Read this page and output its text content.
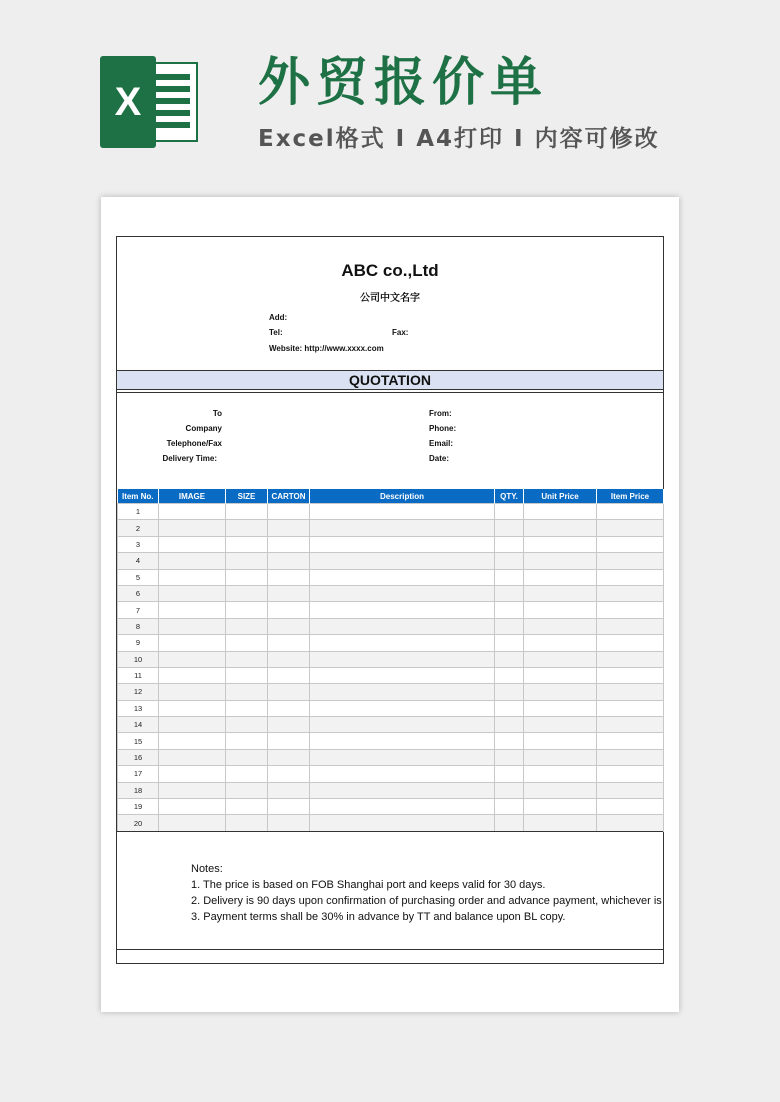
X 外贸报价单
Excel格式 I A4打印 I 内容可修改
ABC co.,Ltd
公司中文名字
Add:
Tel:	Fax:
Website: http://www.xxxx.com
QUOTATION
To
Company
Telephone/Fax
Delivery Time:
From:
Phone:
Email:
Date:
Item No.	IMAGE	SIZE	CARTON	Description	QTY.	Unit Price	Item Price
1							
2							
3							
4							
5							
6							
7							
8							
9							
10							
11							
12							
13							
14							
15							
16							
17							
18							
19							
20							
Notes:
1. The price is based on FOB Shanghai port and keeps valid for 30 days.
2. Delivery is 90 days upon confirmation of purchasing order and advance payment, whichever is
3. Payment terms shall be 30% in advance by TT and balance upon BL copy.
